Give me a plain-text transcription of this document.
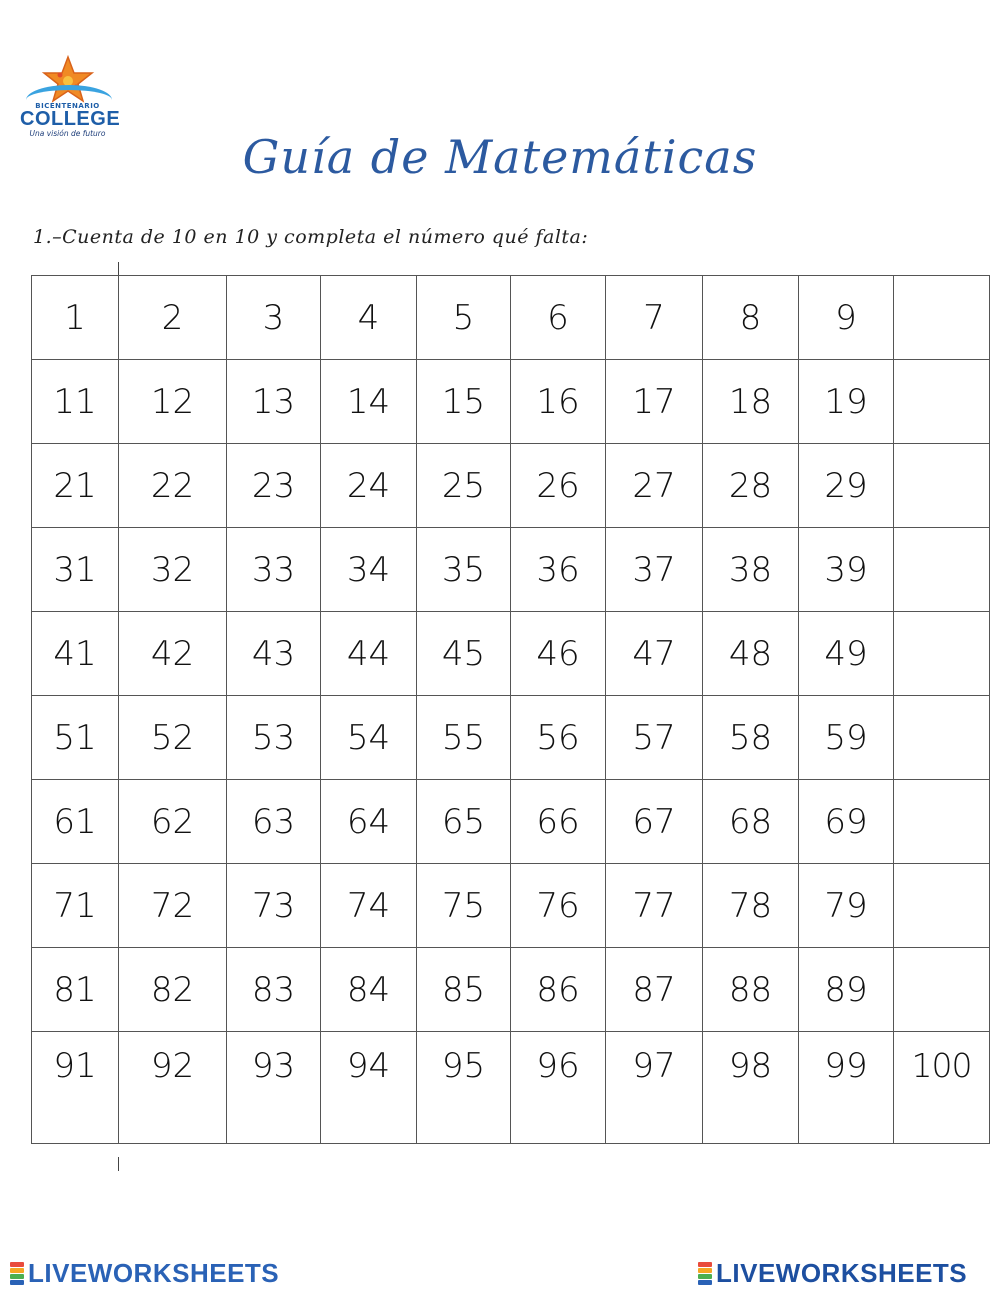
BICENTENARIO
COLLEGE
Una visión de futuro	Guía de Matemáticas
1.–Cuenta de 10 en 10 y completa el número qué falta:
1	2	3	4	5	6	7	8	9	
11	12	13	14	15	16	17	18	19	
21	22	23	24	25	26	27	28	29	
31	32	33	34	35	36	37	38	39	
41	42	43	44	45	46	47	48	49	
51	52	53	54	55	56	57	58	59	
61	62	63	64	65	66	67	68	69	
71	72	73	74	75	76	77	78	79	
81	82	83	84	85	86	87	88	89	
91	92	93	94	95	96	97	98	99	100
LIVEWORKSHEETS	LIVEWORKSHEETS
